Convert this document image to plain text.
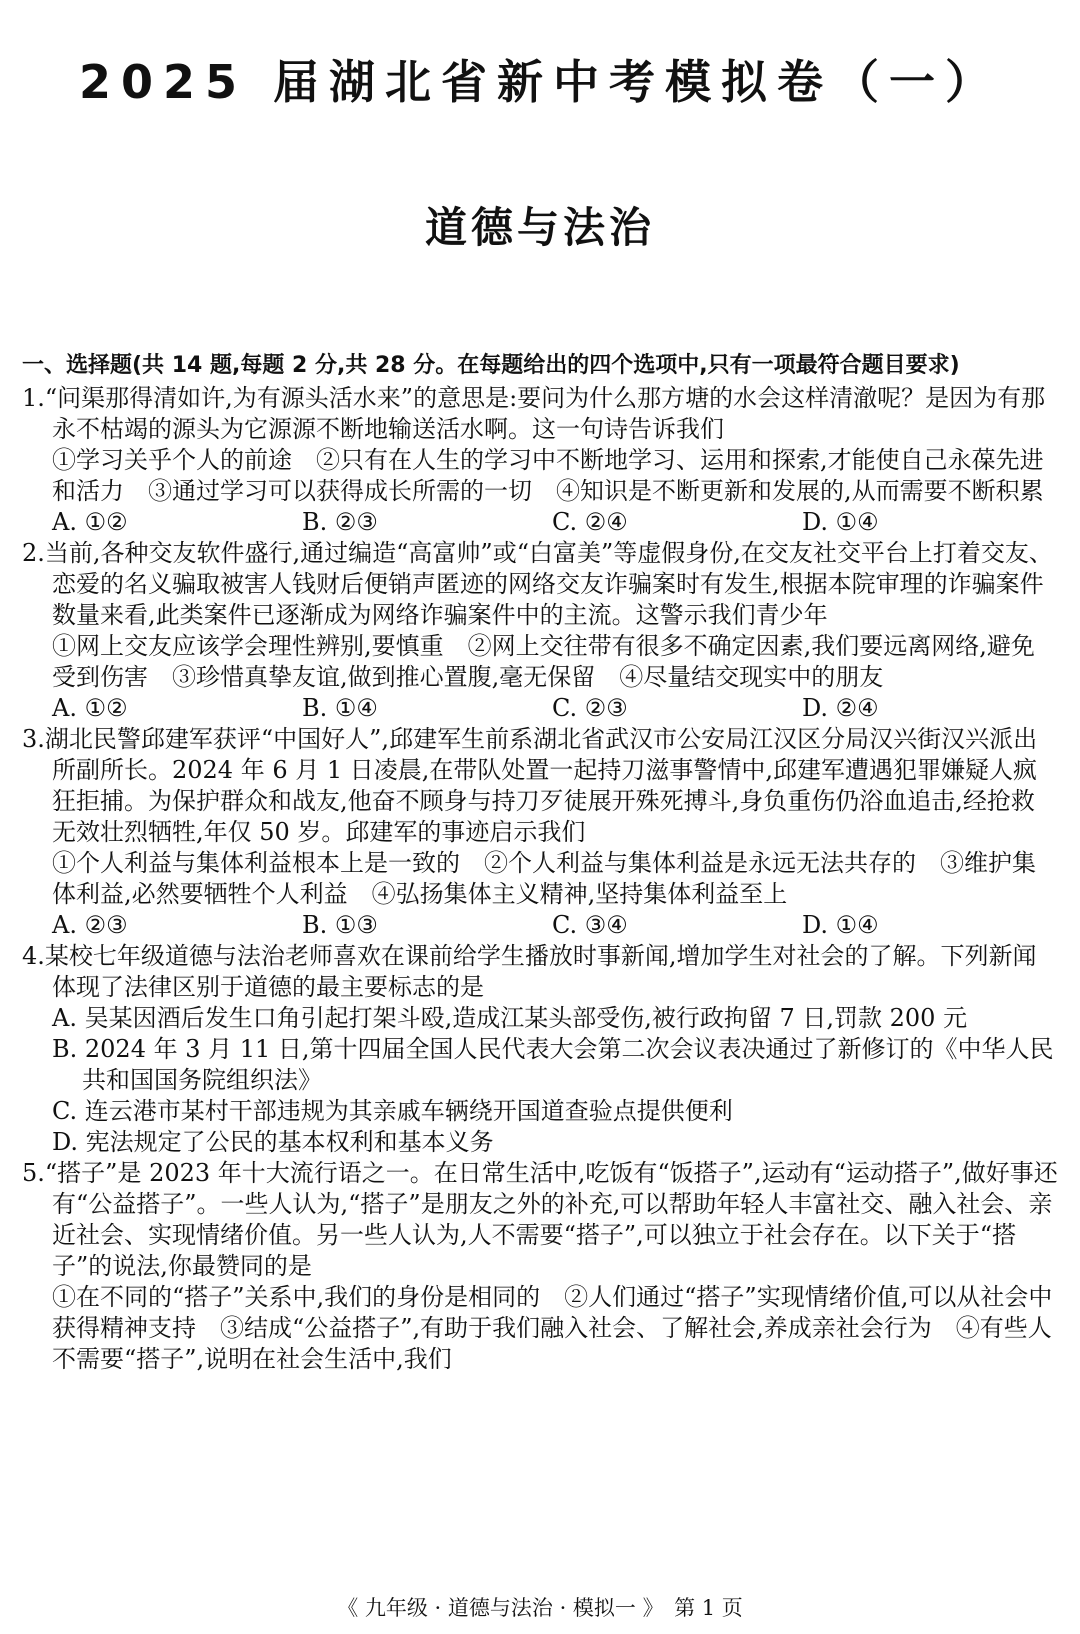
2025 届湖北省新中考模拟卷（一）
道德与法治
一、选择题(共 14 题,每题 2 分,共 28 分。在每题给出的四个选项中,只有一项最符合题目要求)
1.“问渠那得清如许,为有源头活水来”的意思是:要问为什么那方塘的水会这样清澈呢？是因为有那永不枯竭的源头为它源源不断地输送活水啊。这一句诗告诉我们
①学习关乎个人的前途　②只有在人生的学习中不断地学习、运用和探索,才能使自己永葆先进和活力　③通过学习可以获得成长所需的一切　④知识是不断更新和发展的,从而需要不断积累
A. ①②	B. ②③	C. ②④	D. ①④
2.当前,各种交友软件盛行,通过编造“高富帅”或“白富美”等虚假身份,在交友社交平台上打着交友、恋爱的名义骗取被害人钱财后便销声匿迹的网络交友诈骗案时有发生,根据本院审理的诈骗案件数量来看,此类案件已逐渐成为网络诈骗案件中的主流。这警示我们青少年
①网上交友应该学会理性辨别,要慎重　②网上交往带有很多不确定因素,我们要远离网络,避免受到伤害　③珍惜真挚友谊,做到推心置腹,毫无保留　④尽量结交现实中的朋友
A. ①②	B. ①④	C. ②③	D. ②④
3.湖北民警邱建军获评“中国好人”,邱建军生前系湖北省武汉市公安局江汉区分局汉兴街汉兴派出所副所长。2024 年 6 月 1 日凌晨,在带队处置一起持刀滋事警情中,邱建军遭遇犯罪嫌疑人疯狂拒捕。为保护群众和战友,他奋不顾身与持刀歹徒展开殊死搏斗,身负重伤仍浴血追击,经抢救无效壮烈牺牲,年仅 50 岁。邱建军的事迹启示我们
①个人利益与集体利益根本上是一致的　②个人利益与集体利益是永远无法共存的　③维护集体利益,必然要牺牲个人利益　④弘扬集体主义精神,坚持集体利益至上
A. ②③	B. ①③	C. ③④	D. ①④
4.某校七年级道德与法治老师喜欢在课前给学生播放时事新闻,增加学生对社会的了解。下列新闻体现了法律区别于道德的最主要标志的是
A. 吴某因酒后发生口角引起打架斗殴,造成江某头部受伤,被行政拘留 7 日,罚款 200 元
B. 2024 年 3 月 11 日,第十四届全国人民代表大会第二次会议表决通过了新修订的《中华人民共和国国务院组织法》
C. 连云港市某村干部违规为其亲戚车辆绕开国道查验点提供便利
D. 宪法规定了公民的基本权利和基本义务
5.“搭子”是 2023 年十大流行语之一。在日常生活中,吃饭有“饭搭子”,运动有“运动搭子”,做好事还有“公益搭子”。一些人认为,“搭子”是朋友之外的补充,可以帮助年轻人丰富社交、融入社会、亲近社会、实现情绪价值。另一些人认为,人不需要“搭子”,可以独立于社会存在。以下关于“搭子”的说法,你最赞同的是
①在不同的“搭子”关系中,我们的身份是相同的　②人们通过“搭子”实现情绪价值,可以从社会中获得精神支持　③结成“公益搭子”,有助于我们融入社会、了解社会,养成亲社会行为　④有些人不需要“搭子”,说明在社会生活中,我们
《 九年级 · 道德与法治 · 模拟一 》　第 1 页
